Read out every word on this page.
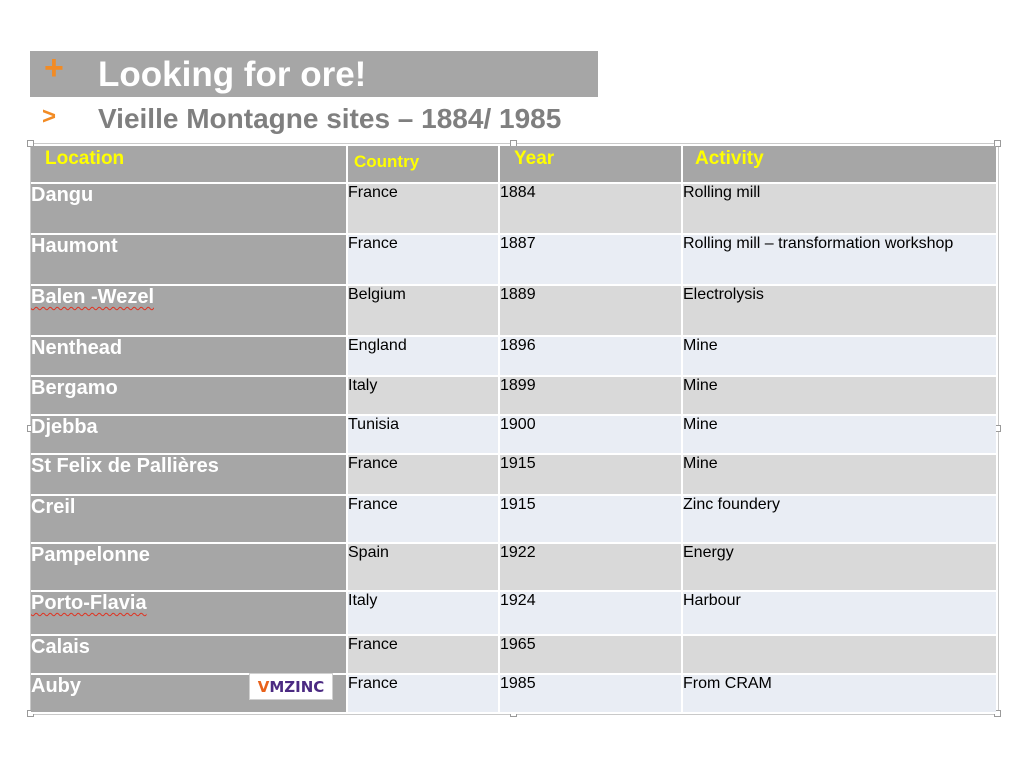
+ Looking for ore!
> Vieille Montagne sites – 1884/ 1985
Location	Country	Year	Activity

Dangu	France	1884	Rolling mill
Haumont	France	1887	Rolling mill – transformation workshop
Balen -Wezel	Belgium	1889	Electrolysis
Nenthead	England	1896	Mine
Bergamo	Italy	1899	Mine
Djebba	Tunisia	1900	Mine
St Felix de Pallières	France	1915	Mine
Creil	France	1915	Zinc foundery
Pampelonne	Spain	1922	Energy
Porto-Flavia	Italy	1924	Harbour
Calais	France	1965	
Auby	France	1985	From CRAM
V MZINC
